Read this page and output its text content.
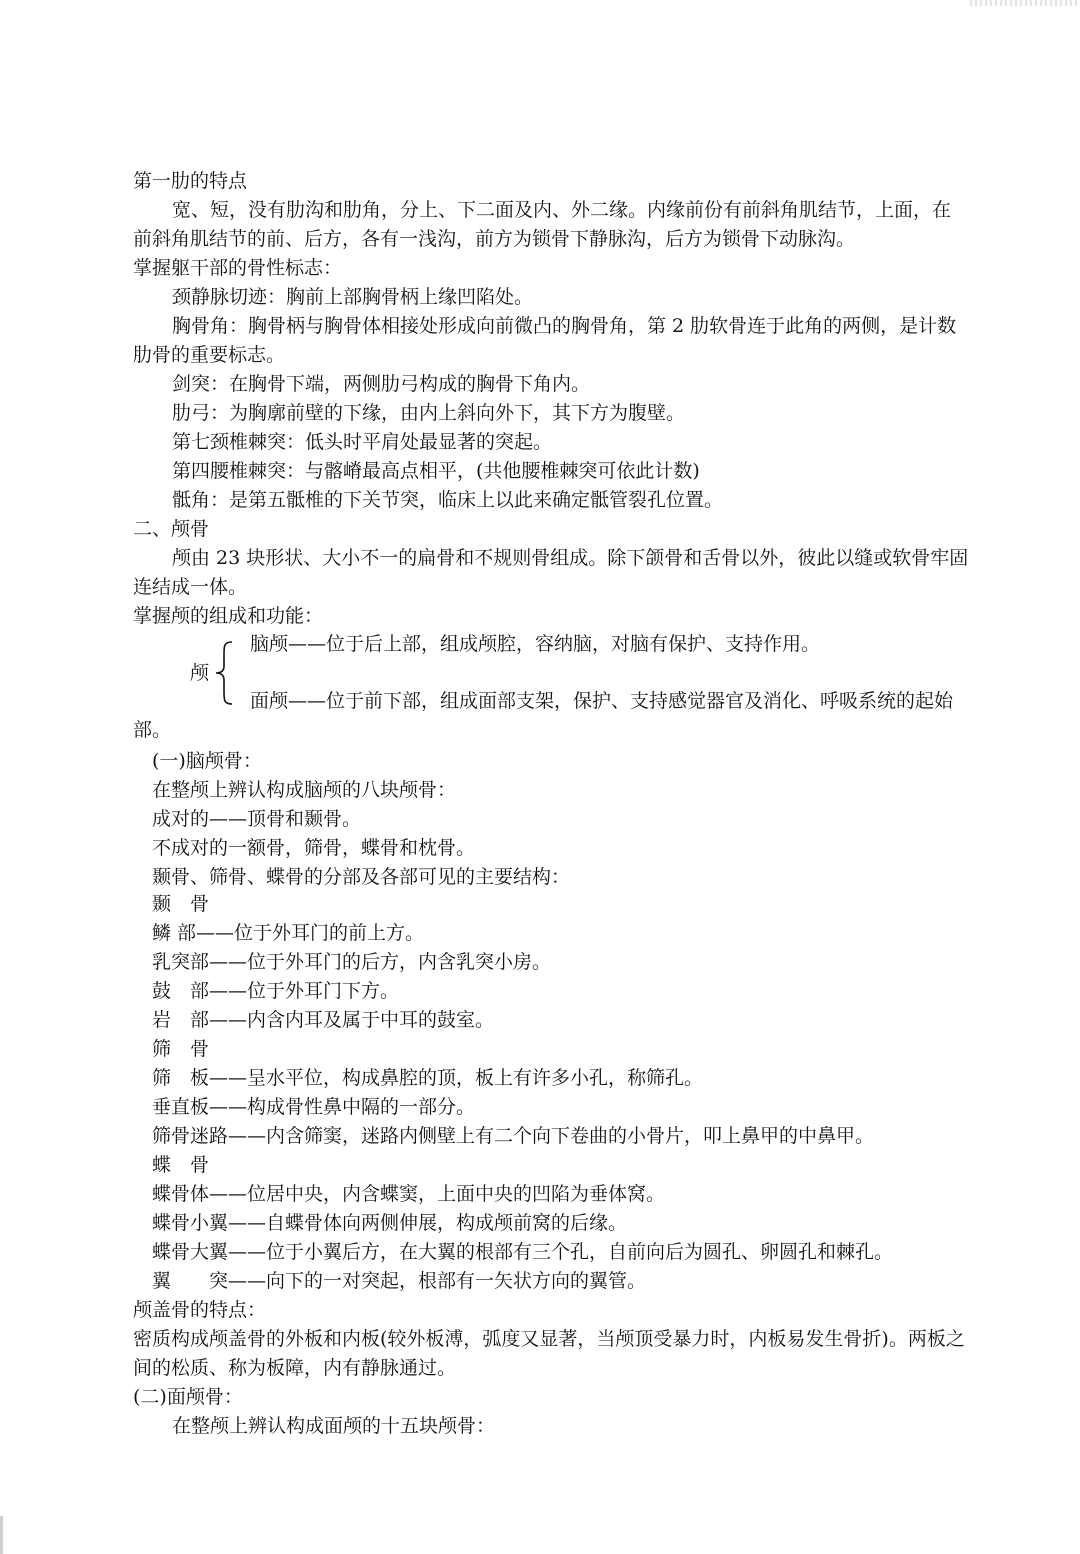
第一肋的特点

宽、短，没有肋沟和肋角，分上、下二面及内、外二缘。内缘前份有前斜角肌结节，上面，在

前斜角肌结节的前、后方，各有一浅沟，前方为锁骨下静脉沟，后方为锁骨下动脉沟。

掌握躯干部的骨性标志：

颈静脉切迹：胸前上部胸骨柄上缘凹陷处。

胸骨角：胸骨柄与胸骨体相接处形成向前微凸的胸骨角，第 2 肋软骨连于此角的两侧，是计数

肋骨的重要标志。

剑突：在胸骨下端，两侧肋弓构成的胸骨下角内。

肋弓：为胸廓前壁的下缘，由内上斜向外下，其下方为腹壁。

第七颈椎棘突：低头时平肩处最显著的突起。

第四腰椎棘突：与髂嵴最高点相平，(共他腰椎棘突可依此计数)

骶角：是第五骶椎的下关节突，临床上以此来确定骶管裂孔位置。

二、颅骨

颅由 23 块形状、大小不一的扁骨和不规则骨组成。除下颌骨和舌骨以外，彼此以缝或软骨牢固

连结成一体。

掌握颅的组成和功能：

脑颅——位于后上部，组成颅腔，容纳脑，对脑有保护、支持作用。

颅

面颅——位于前下部，组成面部支架，保护、支持感觉器官及消化、呼吸系统的起始

部。

(一)脑颅骨：

在整颅上辨认构成脑颅的八块颅骨：

成对的——顶骨和颞骨。

不成对的一额骨，筛骨，蝶骨和枕骨。

颞骨、筛骨、蝶骨的分部及各部可见的主要结构：

颞　骨

鳞 部——位于外耳门的前上方。

乳突部——位于外耳门的后方，内含乳突小房。

鼓　部——位于外耳门下方。

岩　部——内含内耳及属于中耳的鼓室。

筛　骨

筛　板——呈水平位，构成鼻腔的顶，板上有许多小孔，称筛孔。

垂直板——构成骨性鼻中隔的一部分。

筛骨迷路——内含筛窦，迷路内侧壁上有二个向下卷曲的小骨片，叩上鼻甲的中鼻甲。

蝶　骨

蝶骨体——位居中央，内含蝶窦，上面中央的凹陷为垂体窝。

蝶骨小翼——自蝶骨体向两侧伸展，构成颅前窝的后缘。

蝶骨大翼——位于小翼后方，在大翼的根部有三个孔，自前向后为圆孔、卵圆孔和棘孔。

翼　　突——向下的一对突起，根部有一矢状方向的翼管。

颅盖骨的特点：

密质构成颅盖骨的外板和内板(较外板溥，弧度又显著，当颅顶受暴力时，内板易发生骨折)。两板之

间的松质、称为板障，内有静脉通过。

(二)面颅骨：

在整颅上辨认构成面颅的十五块颅骨：
